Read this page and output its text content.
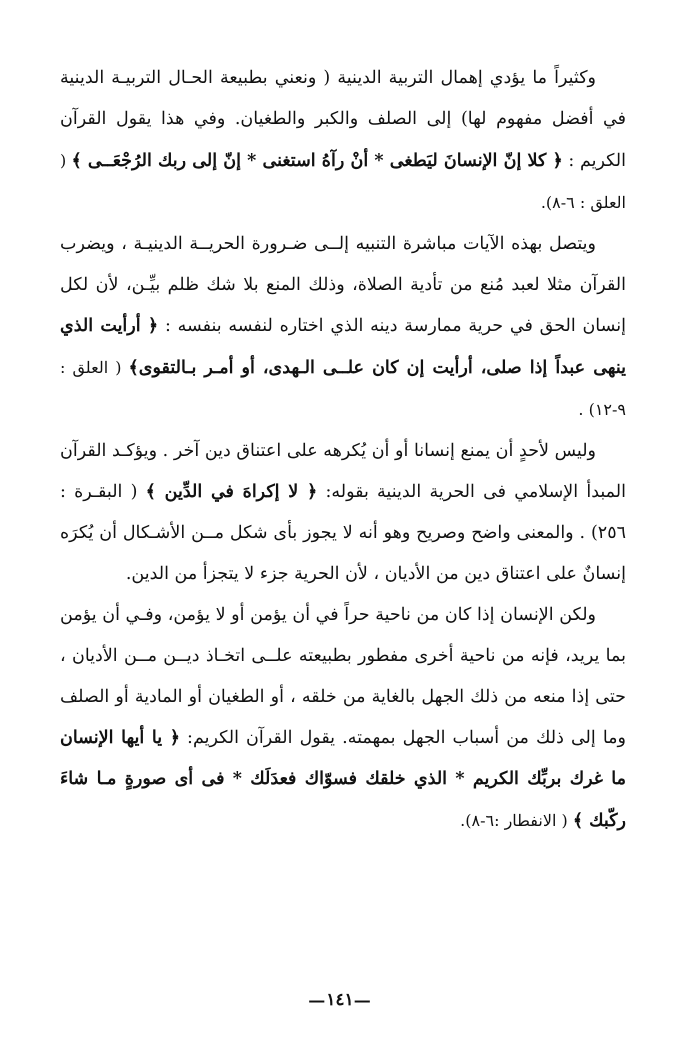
وكثيراً ما يؤدي إهمال التربية الدينية ( ونعني بطبيعة الحـال التربيـة الدينية في أفضل مفهوم لها) إلى الصلف والكبر والطغيان. وفي هذا يقول القرآن الكريم : ﴿ كلا إنّ الإنسانَ ليَطغى * أنْ رآهُ استغنى * إنّ إلى ربك الرُجْعَــى ﴾ ( العلق : ٦-٨).

ويتصل بهذه الآيات مباشرة التنبيه إلــى ضـرورة الحريــة الدينيـة ، ويضرب القرآن مثلا لعبد مُنع من تأدية الصلاة، وذلك المنع بلا شك ظلم بيِّـن، لأن لكل إنسان الحق في حرية ممارسة دينه الذي اختاره لنفسه بنفسه : ﴿ أرأيت الذي ينهى عبداً إذا صلى، أرأيت إن كان علــى الـهدى، أو أمـر بـالتقوى﴾ ( العلق : ٩-١٢) .

وليس لأحدٍ أن يمنع إنسانا أو أن يُكرهه على اعتناق دين آخر . ويؤكـد القرآن المبدأ الإسلامي فى الحرية الدينية بقوله: ﴿ لا إكراهَ في الدِّين ﴾ ( البقـرة : ٢٥٦) . والمعنى واضح وصريح وهو أنه لا يجوز بأى شكل مــن الأشـكال أن يُكرَه إنسانٌ على اعتناق دين من الأديان ، لأن الحرية جزء لا يتجزأ من الدين.

ولكن الإنسان إذا كان من ناحية حراً في أن يؤمن أو لا يؤمن، وفـي أن يؤمن بما يريد، فإنه من ناحية أخرى مفطور بطبيعته علــى اتخـاذ ديــن مــن الأديان ، حتى إذا منعه من ذلك الجهل بالغاية من خلقه ، أو الطغيان أو المادية أو الصلف وما إلى ذلك من أسباب الجهل بمهمته. يقول القرآن الكريم: ﴿ يا أيها الإنسان ما غرك بربِّك الكريم * الذي خلقك فسوّاك فعدَلَك * فى أى صورةٍ مـا شاءَ ركّبك ﴾ ( الانفطار :٦-٨).

—١٤١—
